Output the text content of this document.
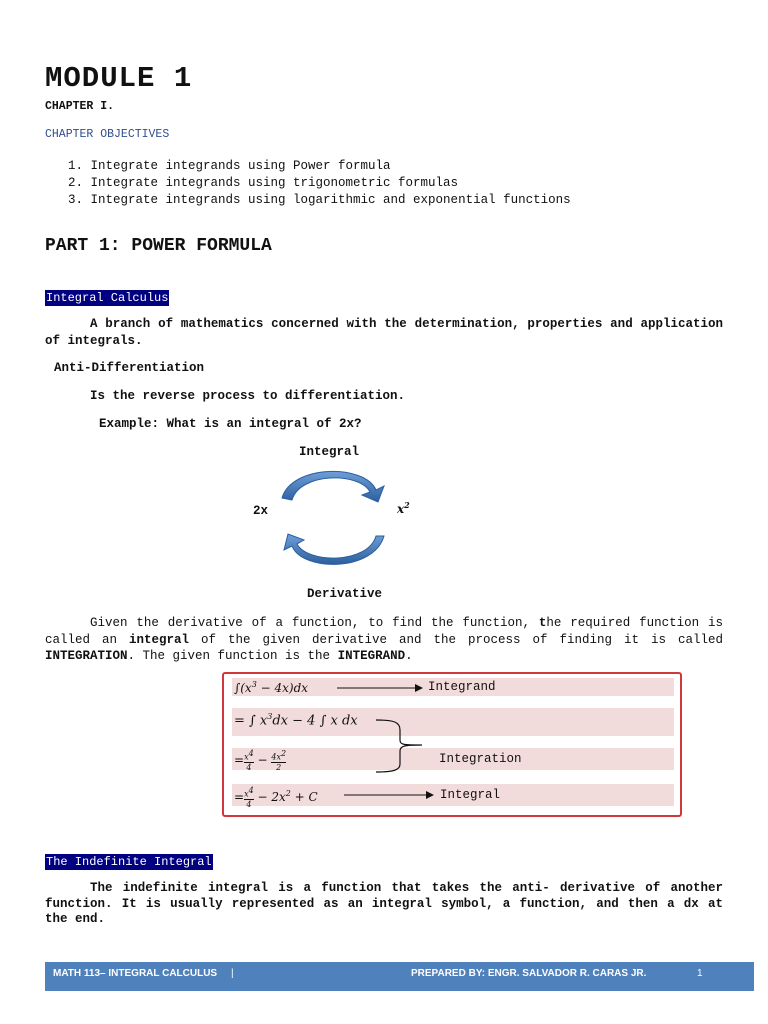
MODULE 1
CHAPTER I.
CHAPTER OBJECTIVES
1. Integrate integrands using Power formula
2. Integrate integrands using trigonometric formulas
3. Integrate integrands using logarithmic and exponential functions
PART 1: POWER FORMULA
Integral Calculus
A branch of mathematics concerned with the determination, properties and application of integrals.
Anti-Differentiation
Is the reverse process to differentiation.
Example: What is an integral of 2x?
Integral
2x	$x^2$
Derivative
Given the derivative of a function, to find the function, the required function is called an integral of the given derivative and the process of finding it is called INTEGRATION. The given function is the INTEGRAND.
$\int(x^3 - 4x)dx$	Integrand
= ∫ $x^3dx - 4$ ∫ x dx
= $\frac{x^4}{4} - \frac{4x^2}{2}$	Integration
= $\frac{x^4}{4} - 2x^2 + C$	Integral
The Indefinite Integral
The indefinite integral is a function that takes the anti- derivative of another function. It is usually represented as an integral symbol, a function, and then a dx at the end.
MATH 113– INTEGRAL CALCULUS |	PREPARED BY: ENGR. SALVADOR R. CARAS JR.	1
